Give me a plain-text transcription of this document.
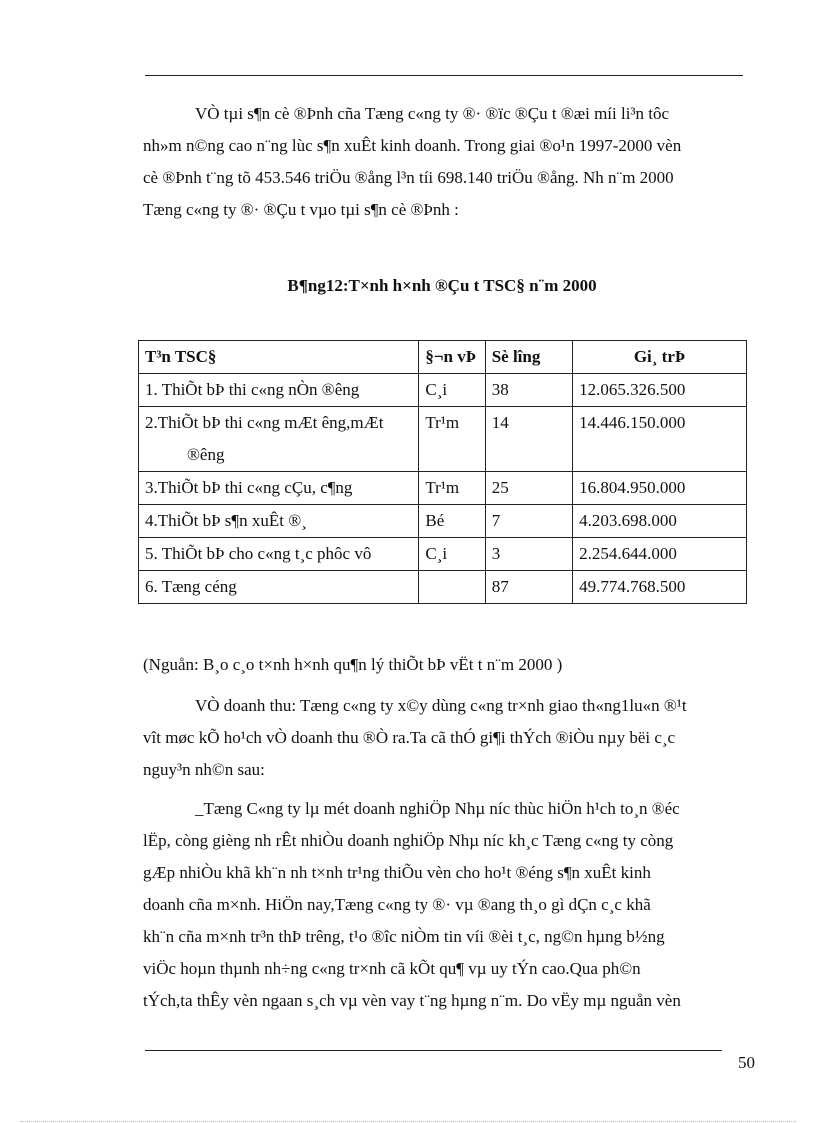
VÒ tµi s¶n cè ®Þnh cña Tæng c«ng ty ®· ®ïc ®Çu t ®æi míi li³n tôc
nh»m n©ng cao n¨ng lùc s¶n xuÊt kinh doanh. Trong giai ®o¹n 1997-2000 vèn
cè ®Þnh t¨ng tõ 453.546 triÖu ®ång l³n tíi 698.140 triÖu ®ång. Nh n¨m 2000
Tæng c«ng ty ®· ®Çu t vµo tµi s¶n cè ®Þnh :

B¶ng12:T×nh h×nh ®Çu t TSC§ n¨m 2000
T³n TSC§	§¬n vÞ	Sè lîng	Gi¸ trÞ
1. ThiÕt bÞ thi c«ng nÒn ®êng	C¸i	38	12.065.326.500

2.ThiÕt bÞ thi c«ng mÆt êng,mÆt
®êng	Tr¹m	14	14.446.150.000
3.ThiÕt bÞ thi c«ng cÇu, c¶ng	Tr¹m	25	16.804.950.000
4.ThiÕt bÞ s¶n xuÊt ®¸	Bé	7	4.203.698.000
5. ThiÕt bÞ cho c«ng t¸c phôc vô	C¸i	3	2.254.644.000
6. Tæng céng		87	49.774.768.500
(Nguån: B¸o c¸o t×nh h×nh qu¶n lý thiÕt bÞ vËt t n¨m 2000 )

VÒ doanh thu: Tæng c«ng ty x©y dùng c«ng tr×nh giao th«ng1lu«n ®¹t
vît møc kÕ ho¹ch vÒ doanh thu ®Ò ra.Ta cã thÓ gi¶i thÝch ®iÒu nµy bëi c¸c
nguy³n nh©n sau:

_Tæng C«ng ty lµ mét doanh nghiÖp Nhµ níc thùc hiÖn h¹ch to¸n ®éc
lËp, còng gièng nh rÊt nhiÒu doanh nghiÖp Nhµ níc kh¸c Tæng c«ng ty còng
gÆp nhiÒu khã kh¨n nh t×nh tr¹ng thiÕu vèn cho ho¹t ®éng s¶n xuÊt kinh
doanh cña m×nh. HiÖn nay,Tæng c«ng ty ®· vµ ®ang th¸o gì dÇn c¸c khã
kh¨n cña m×nh tr³n thÞ trêng, t¹o ®îc niÒm tin víi ®èi t¸c, ng©n hµng b½ng
viÖc hoµn thµnh nh÷ng c«ng tr×nh cã kÕt qu¶ vµ uy tÝn cao.Qua ph©n
tÝch,ta thÊy vèn ngaan s¸ch vµ vèn vay t¨ng hµng n¨m. Do vËy mµ nguån vèn

50
